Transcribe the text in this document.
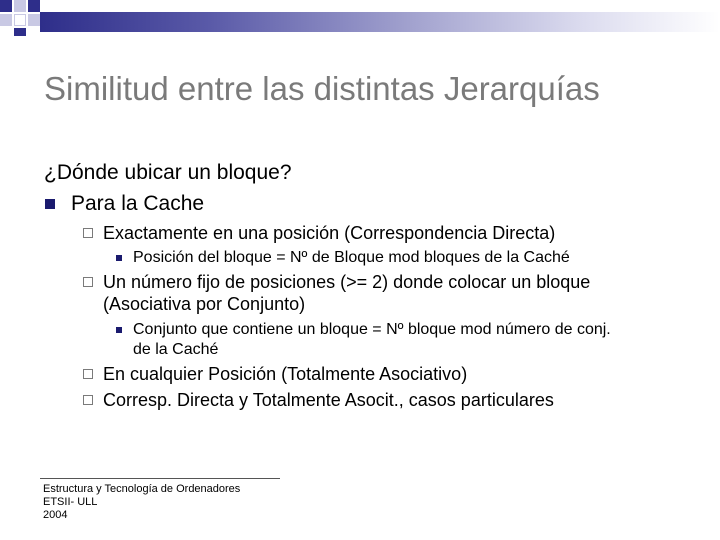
Similitud entre las distintas Jerarquías
¿Dónde ubicar un bloque?
Para la Cache
Exactamente en una posición (Correspondencia Directa)
Posición del bloque = Nº de Bloque mod bloques de la Caché
Un número fijo de posiciones (>= 2) donde colocar un bloque
(Asociativa por Conjunto)
Conjunto que contiene un bloque = Nº bloque mod número de conj.
de la Caché
En cualquier Posición (Totalmente Asociativo)
Corresp. Directa y Totalmente Asocit., casos particulares
Estructura y Tecnología de Ordenadores
ETSII- ULL
2004
